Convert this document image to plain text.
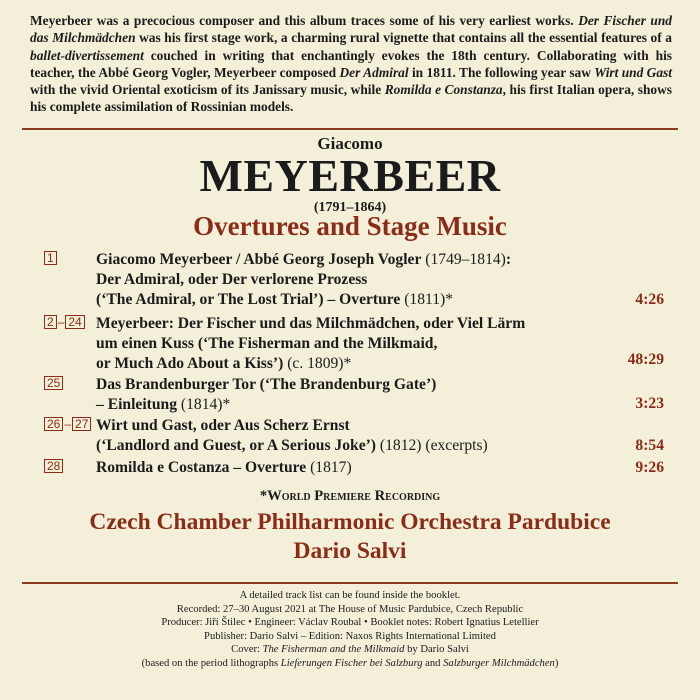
Meyerbeer was a precocious composer and this album traces some of his very earliest works. Der Fischer und das Milchmädchen was his first stage work, a charming rural vignette that contains all the essential features of a ballet-divertissement couched in writing that enchantingly evokes the 18th century. Collaborating with his teacher, the Abbé Georg Vogler, Meyerbeer composed Der Admiral in 1811. The following year saw Wirt und Gast with the vivid Oriental exoticism of its Janissary music, while Romilda e Constanza, his first Italian opera, shows his complete assimilation of Rossinian models.
Giacomo
MEYERBEER
(1791–1864)
Overtures and Stage Music
1	Giacomo Meyerbeer / Abbé Georg Joseph Vogler (1749–1814):
Der Admiral, oder Der verlorene Prozess
(‘The Admiral, or The Lost Trial’) – Overture (1811)*	4:26
2 – 24 Meyerbeer: Der Fischer und das Milchmädchen, oder Viel Lärm
um einen Kuss (‘The Fisherman and the Milkmaid,
or Much Ado About a Kiss’) (c. 1809)*	48:29
25 Das Brandenburger Tor (‘The Brandenburg Gate’)
– Einleitung (1814)*	3:23
26 – 27 Wirt und Gast, oder Aus Scherz Ernst
(‘Landlord and Guest, or A Serious Joke’) (1812) (excerpts)	8:54
28 Romilda e Costanza – Overture (1817)	9:26
*World Premiere Recording
Czech Chamber Philharmonic Orchestra Pardubice
Dario Salvi
A detailed track list can be found inside the booklet.
Recorded: 27–30 August 2021 at The House of Music Pardubice, Czech Republic
Producer: Jiří Štilec • Engineer: Václav Roubal • Booklet notes: Robert Ignatius Letellier
Publisher: Dario Salvi – Edition: Naxos Rights International Limited
Cover: The Fisherman and the Milkmaid by Dario Salvi
(based on the period lithographs Lieferungen Fischer bei Salzburg and Salzburger Milchmädchen)
